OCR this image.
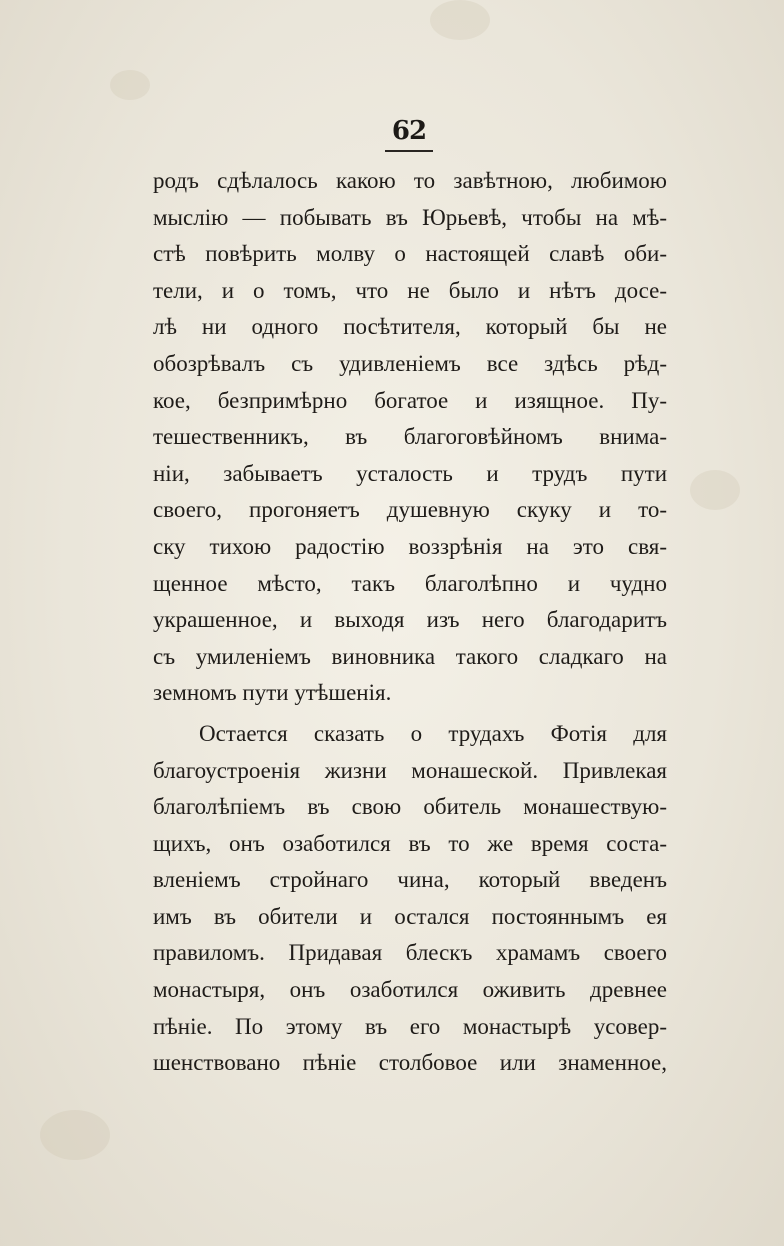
62
родъ сдѣлалось какою то завѣтною, любимою
мыслiю — побывать въ Юрьевѣ, чтобы на мѣ-
стѣ повѣрить молву о настоящей славѣ оби-
тели, и о томъ, что не было и нѣтъ досе-
лѣ ни одного посѣтителя, который бы не
обозрѣвалъ съ удивленiемъ все здѣсь рѣд-
кое, безпримѣрно богатое и изящное. Пу-
тешественникъ, въ благоговѣйномъ внима-
нiи, забываетъ усталость и трудъ пути
своего, прогоняетъ душевную скуку и то-
ску тихою радостiю воззрѣнiя на это свя-
щенное мѣсто, такъ благолѣпно и чудно
украшенное, и выходя изъ него благодаритъ
съ умиленiемъ виновника такого сладкаго на
земномъ пути утѣшенiя.
Остается сказать о трудахъ Фотiя для
благоустроенiя жизни монашеской. Привлекая
благолѣпiемъ въ свою обитель монашествую-
щихъ, онъ озаботился въ то же время соста-
вленiемъ стройнаго чина, который введенъ
имъ въ обители и остался постояннымъ ея
правиломъ. Придавая блескъ храмамъ своего
монастыря, онъ озаботился оживить древнее
пѣнiе. По этому въ его монастырѣ усовер-
шенствовано пѣнiе столбовое или знаменное,
